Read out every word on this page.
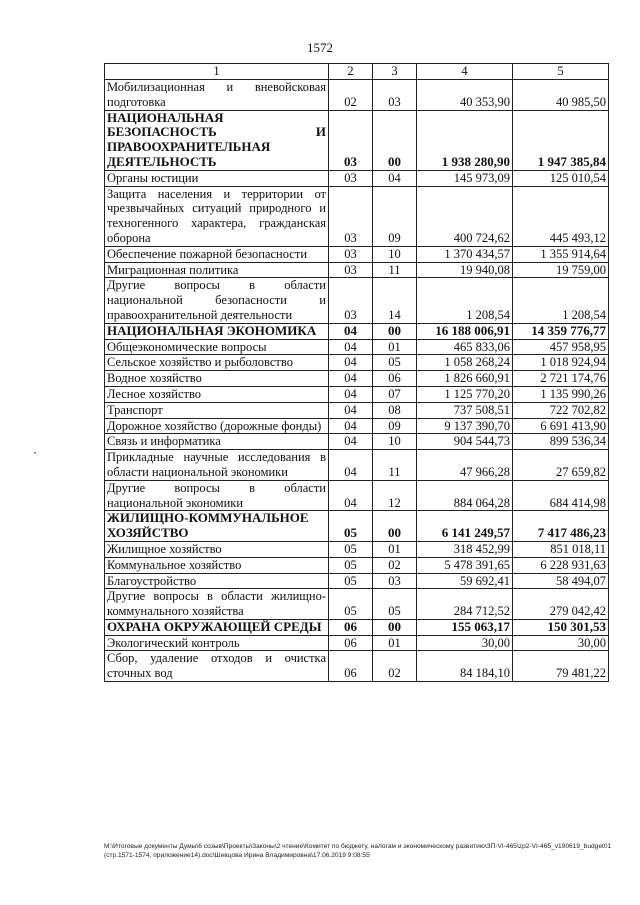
1572
1	2	3	4	5
Мобилизационная и вневойсковая подготовка	02	03	40 353,90	40 985,50
НАЦИОНАЛЬНАЯ БЕЗОПАСНОСТЬ И ПРАВООХРАНИТЕЛЬНАЯ ДЕЯТЕЛЬНОСТЬ	03	00	1 938 280,90	1 947 385,84
Органы юстиции	03	04	145 973,09	125 010,54
Защита населения и территории от чрезвычайных ситуаций природного и техногенного характера, гражданская оборона	03	09	400 724,62	445 493,12
Обеспечение пожарной безопасности	03	10	1 370 434,57	1 355 914,64
Миграционная политика	03	11	19 940,08	19 759,00
Другие вопросы в области национальной безопасности и правоохранительной деятельности	03	14	1 208,54	1 208,54
НАЦИОНАЛЬНАЯ ЭКОНОМИКА	04	00	16 188 006,91	14 359 776,77
Общеэкономические вопросы	04	01	465 833,06	457 958,95
Сельское хозяйство и рыболовство	04	05	1 058 268,24	1 018 924,94
Водное хозяйство	04	06	1 826 660,91	2 721 174,76
Лесное хозяйство	04	07	1 125 770,20	1 135 990,26
Транспорт	04	08	737 508,51	722 702,82
Дорожное хозяйство (дорожные фонды)	04	09	9 137 390,70	6 691 413,90
Связь и информатика	04	10	904 544,73	899 536,34
Прикладные научные исследования в области национальной экономики	04	11	47 966,28	27 659,82
Другие вопросы в области национальной экономики	04	12	884 064,28	684 414,98
ЖИЛИЩНО-КОММУНАЛЬНОЕ ХОЗЯЙСТВО	05	00	6 141 249,57	7 417 486,23
Жилищное хозяйство	05	01	318 452,99	851 018,11
Коммунальное хозяйство	05	02	5 478 391,65	6 228 931,63
Благоустройство	05	03	59 692,41	58 494,07
Другие вопросы в области жилищно-коммунального хозяйства	05	05	284 712,52	279 042,42
ОХРАНА ОКРУЖАЮЩЕЙ СРЕДЫ	06	00	155 063,17	150 301,53
Экологический контроль	06	01	30,00	30,00
Сбор, удаление отходов и очистка сточных вод	06	02	84 184,10	79 481,22
М:\Итоговые документы Думы\6 созыв\Проекты\Законы\2 чтение\Комитет по бюджету, налогам и экономическому развитию\ЗП-VI-465\zp2-VI-465_v190619_budget01 (стр.1571-1574, приложение14).doc\Шевцова Ирина Владимировна\17.06.2019 9:08:55
